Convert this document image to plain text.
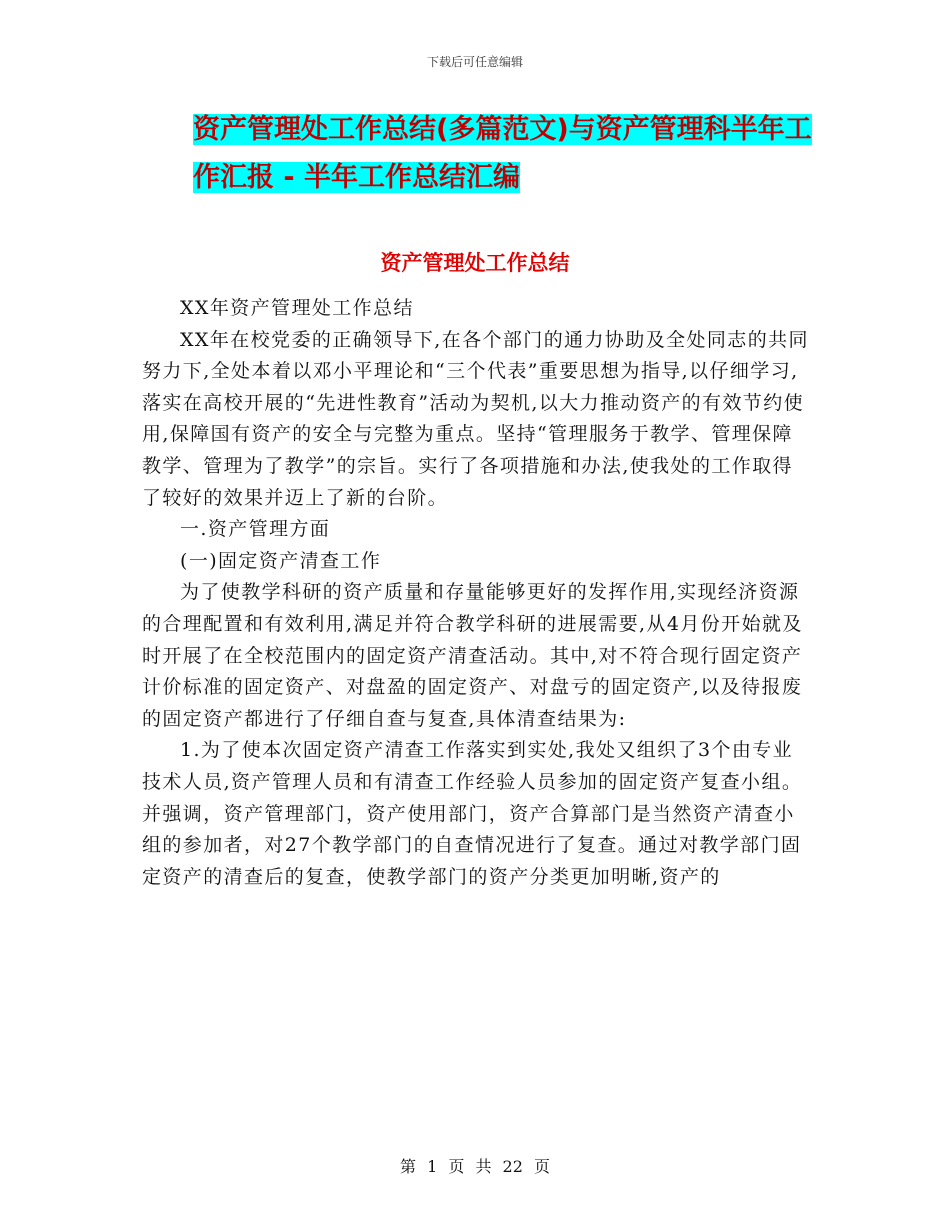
下载后可任意编辑
资产管理处工作总结(多篇范文)与资产管理科半年工
作汇报 - 半年工作总结汇编
资产管理处工作总结

XX年资产管理处工作总结

XX年在校党委的正确领导下,在各个部门的通力协助及全处同志的共同努力下,全处本着以邓小平理论和“三个代表”重要思想为指导,以仔细学习,落实在高校开展的“先进性教育”活动为契机,以大力推动资产的有效节约使用,保障国有资产的安全与完整为重点。坚持“管理服务于教学、管理保障教学、管理为了教学”的宗旨。实行了各项措施和办法,使我处的工作取得了较好的效果并迈上了新的台阶。

一.资产管理方面

(一)固定资产清查工作

为了使教学科研的资产质量和存量能够更好的发挥作用,实现经济资源的合理配置和有效利用,满足并符合教学科研的进展需要,从4月份开始就及时开展了在全校范围内的固定资产清查活动。其中,对不符合现行固定资产计价标准的固定资产、对盘盈的固定资产、对盘亏的固定资产,以及待报废的固定资产都进行了仔细自查与复查,具体清查结果为:

1.为了使本次固定资产清查工作落实到实处,我处又组织了3个由专业技术人员,资产管理人员和有清查工作经验人员参加的固定资产复查小组。并强调，资产管理部门，资产使用部门，资产合算部门是当然资产清查小组的参加者，对27个教学部门的自查情况进行了复查。通过对教学部门固定资产的清查后的复查，使教学部门的资产分类更加明晰,资产的

第 1 页 共 22 页
